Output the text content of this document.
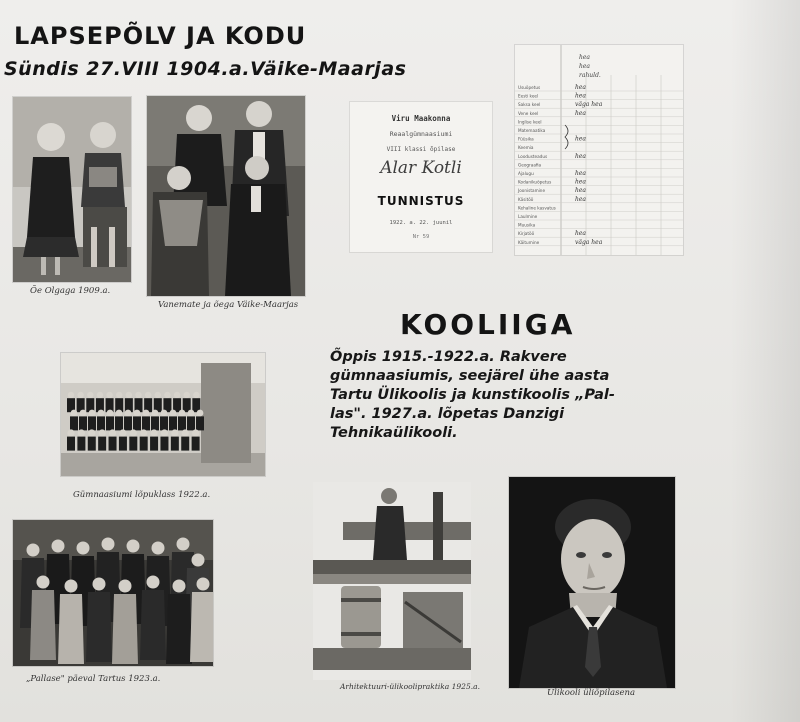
LAPSEPÕLV JA KODU
Sündis 27.VIII 1904.a.Väike-Maarjas
Õe Olgaga 1909.a.
Vanemate ja õega Väike-Maarjas
Viru Maakonna
Reaalgümnaasiumi
VIII klassi õpilase
Alar Kotli
TUNNISTUS
1922. a. 22. juunil
Nr 59
hea
hea
rahuld.
Usuõpetus	hea
Eesti keel	hea
Saksa keel	väga hea
Vene keel	hea
Inglise keel
Matemaatika
Füüsika	hea
Keemia
Loodusteadus	hea
Geograafia
Ajalugu	hea
Kodanikuõpetus	hea
Joonistamine	hea
Käsitöö	hea
Kehaline kasvatus
Laulmine
Muusika
Kirjatöö	hea
Käitumine	väga hea
KOOLIIGA
Õppis 1915.-1922.a. Rakvere
gümnaasiumis, seejärel ühe aasta
Tartu Ülikoolis ja kunstikoolis „Pal-
las". 1927.a. lõpetas Danzigi
Tehnikaülikooli.
Gümnaasiumi lõpuklass 1922.a.
„Pallase" päeval Tartus 1923.a.
Arhitektuuri-ülikoolipraktika 1925.a.
Ülikooli üliõpilasena
